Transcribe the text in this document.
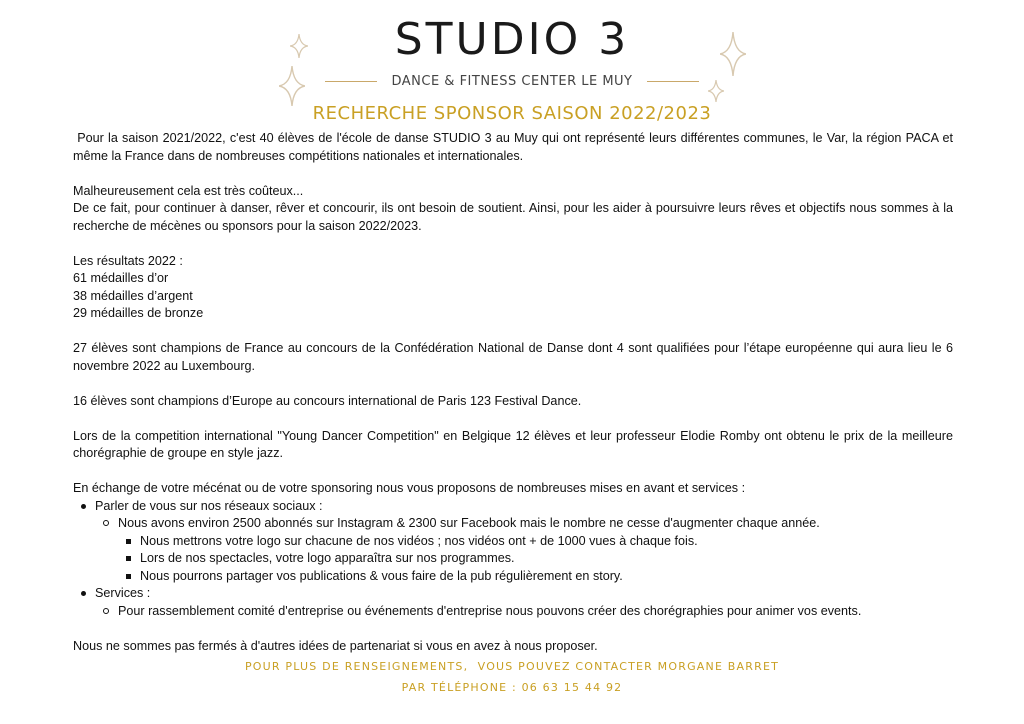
STUDIO 3
DANCE & FITNESS CENTER LE MUY
RECHERCHE SPONSOR SAISON 2022/2023

Pour la saison 2021/2022, c'est 40 élèves de l'école de danse STUDIO 3 au Muy qui ont représenté leurs différentes communes, le Var, la région PACA et même la France dans de nombreuses compétitions nationales et internationales.

Malheureusement cela est très coûteux...

De ce fait, pour continuer à danser, rêver et concourir, ils ont besoin de soutient. Ainsi, pour les aider à poursuivre leurs rêves et objectifs nous sommes à la recherche de mécènes ou sponsors pour la saison 2022/2023.

Les résultats 2022 :

61 médailles d’or

38 médailles d’argent

29 médailles de bronze

27 élèves sont champions de France au concours de la Confédération National de Danse dont 4 sont qualifiées pour l’étape européenne qui aura lieu le 6 novembre 2022 au Luxembourg.

16 élèves sont champions d’Europe au concours international de Paris 123 Festival Dance.

Lors de la competition international "Young Dancer Competition" en Belgique 12 élèves et leur professeur Elodie Romby ont obtenu le prix de la meilleure chorégraphie de groupe en style jazz.

En échange de votre mécénat ou de votre sponsoring nous vous proposons de nombreuses mises en avant et services :

Parler de vous sur nos réseaux sociaux :
Nous avons environ 2500 abonnés sur Instagram & 2300 sur Facebook mais le nombre ne cesse d'augmenter chaque année.
Nous mettrons votre logo sur chacune de nos vidéos ; nos vidéos ont + de 1000 vues à chaque fois.
Lors de nos spectacles, votre logo apparaîtra sur nos programmes.
Nous pourrons partager vos publications & vous faire de la pub régulièrement en story.
Services :
Pour rassemblement comité d'entreprise ou événements d'entreprise nous pouvons créer des chorégraphies pour animer vos events.

Nous ne sommes pas fermés à d'autres idées de partenariat si vous en avez à nous proposer.

POUR PLUS DE RENSEIGNEMENTS,  VOUS POUVEZ CONTACTER MORGANE BARRET
PAR TÉLÉPHONE : 06 63 15 44 92
